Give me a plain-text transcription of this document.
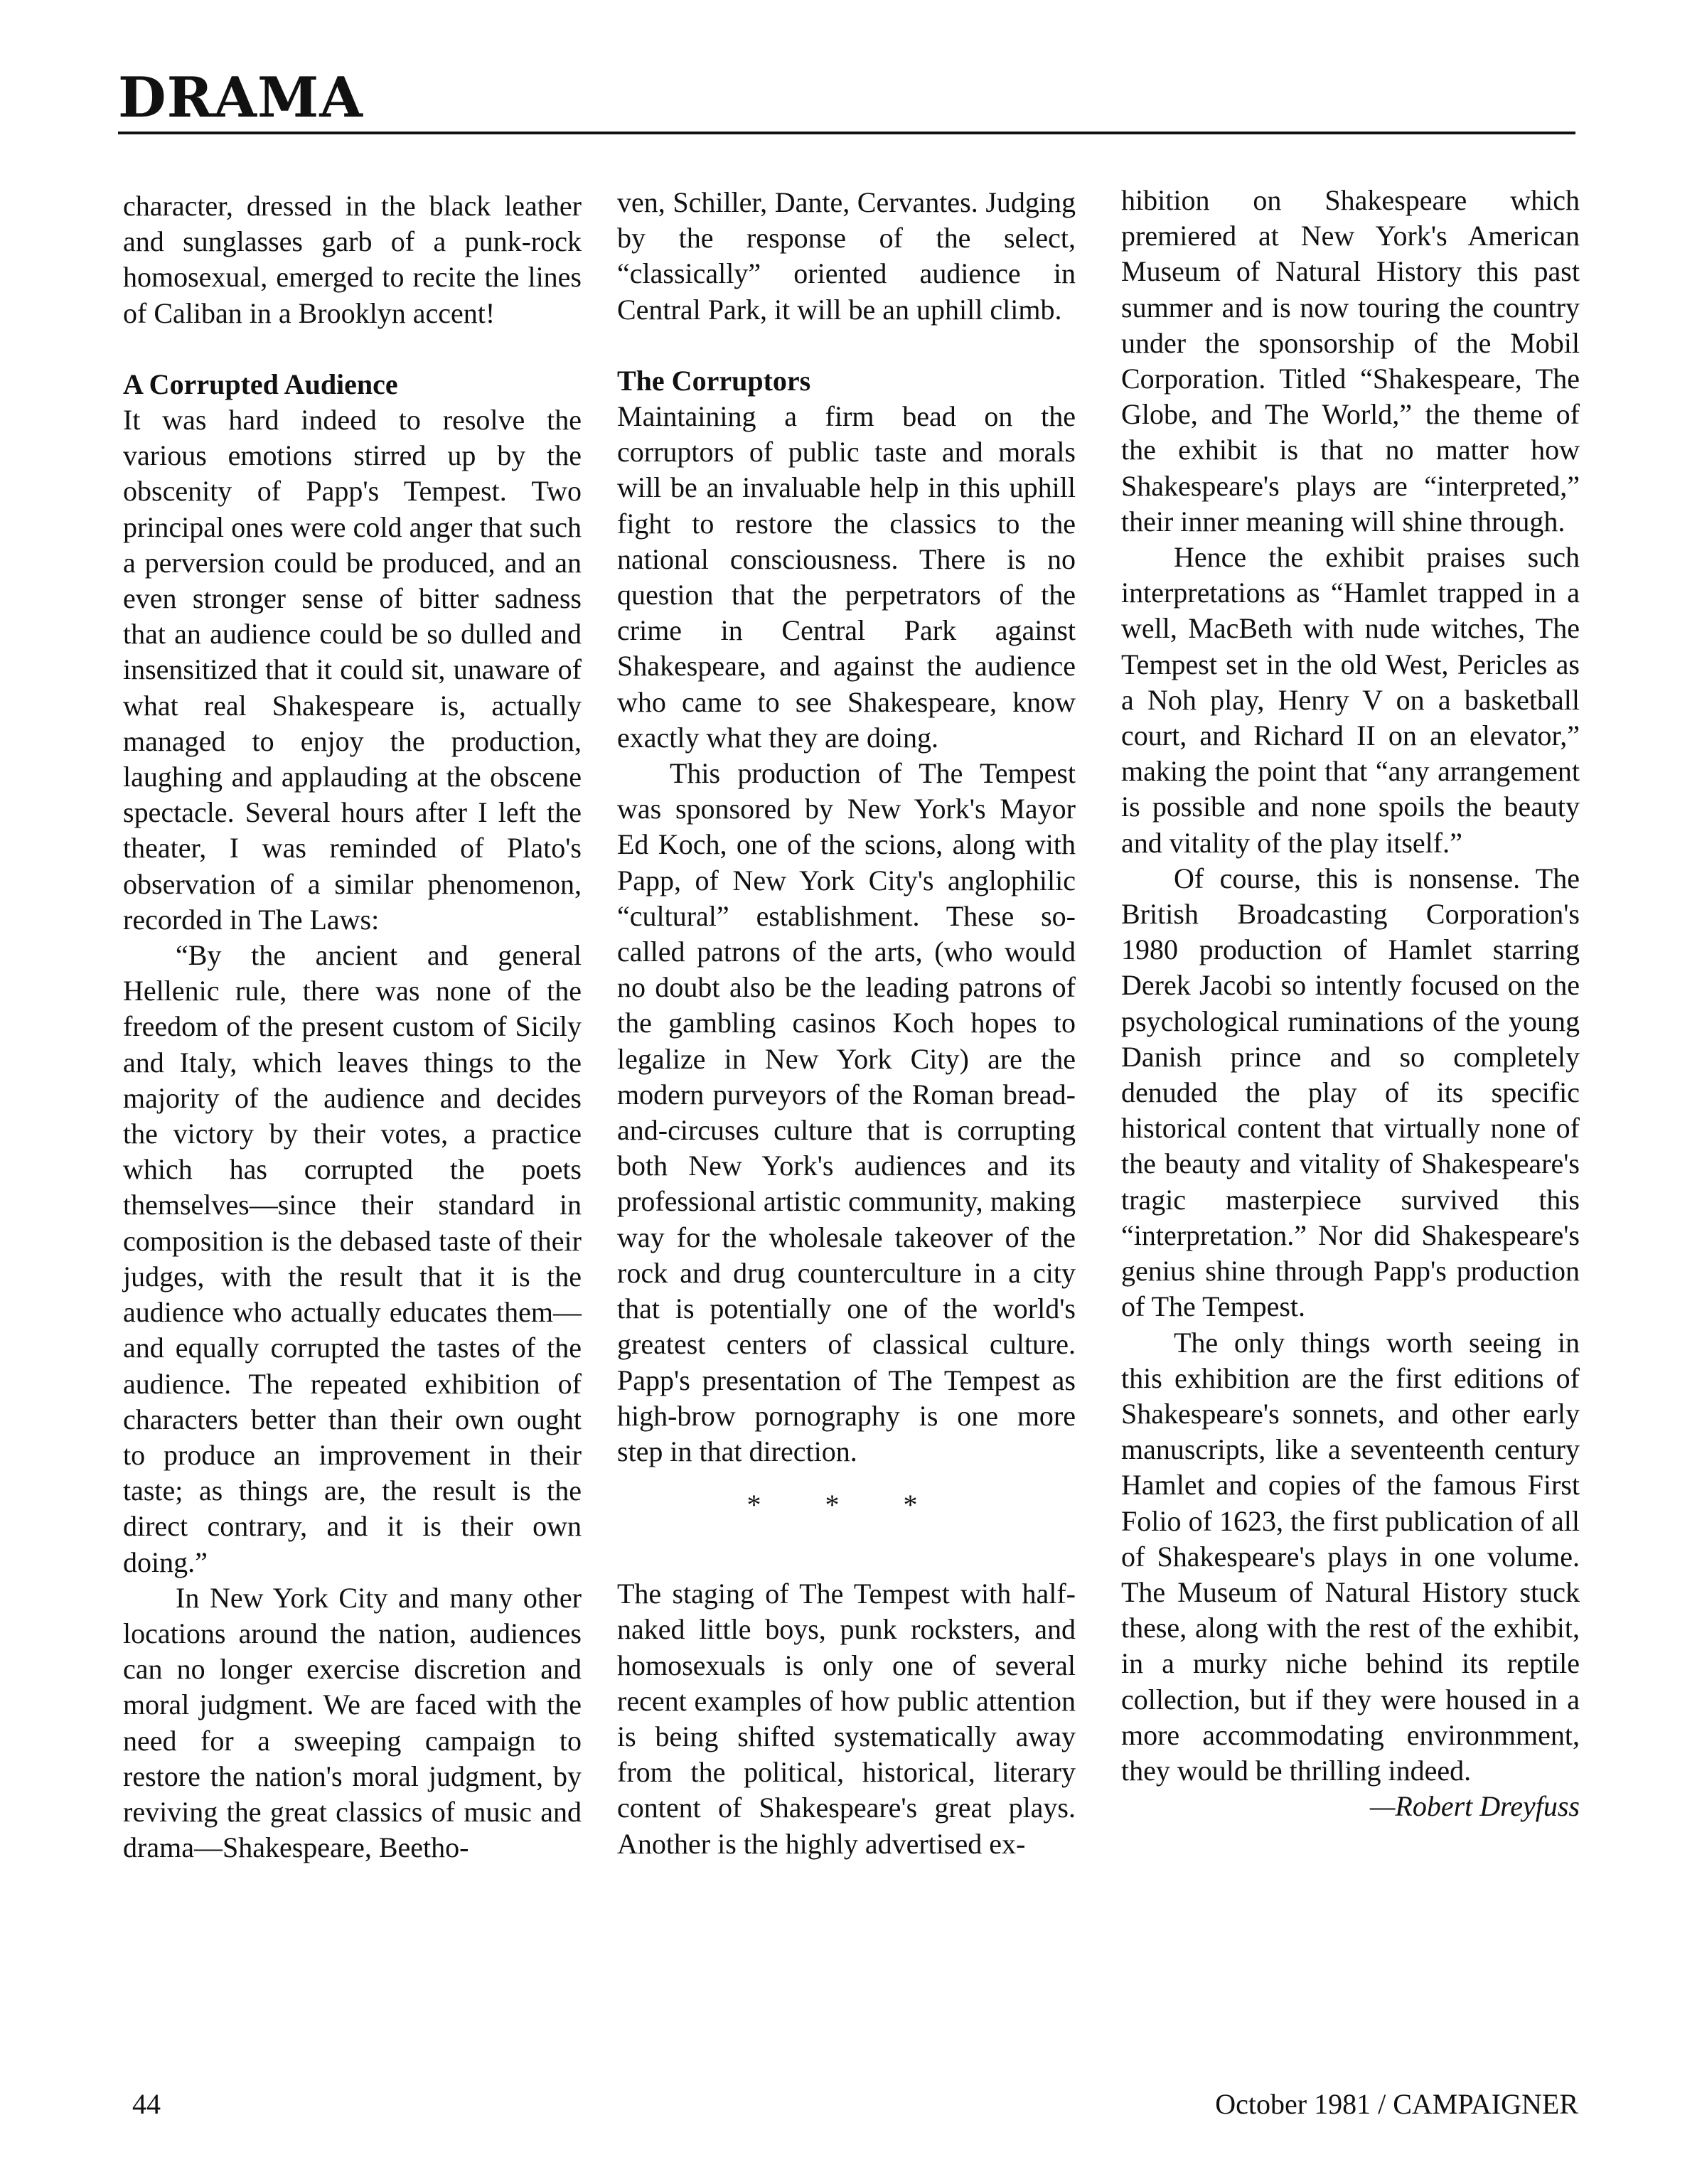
DRAMA

character, dressed in the black leather and sunglasses garb of a punk-rock homosexual, emerged to recite the lines of Caliban in a Brooklyn accent!

A Corrupted Audience

It was hard indeed to resolve the various emotions stirred up by the obscenity of Papp's Tempest. Two principal ones were cold anger that such a perversion could be produced, and an even stronger sense of bitter sadness that an audience could be so dulled and insensitized that it could sit, unaware of what real Shakespeare is, actually managed to enjoy the production, laughing and applauding at the obscene spectacle. Several hours after I left the theater, I was reminded of Plato's observation of a similar phenomenon, recorded in The Laws:

“By the ancient and general Hellenic rule, there was none of the freedom of the present custom of Sicily and Italy, which leaves things to the majority of the audience and decides the victory by their votes, a practice which has corrupted the poets themselves—since their standard in composition is the debased taste of their judges, with the result that it is the audience who actually educates them—and equally corrupted the tastes of the audience. The repeated exhibition of characters better than their own ought to produce an improvement in their taste; as things are, the result is the direct contrary, and it is their own doing.”

In New York City and many other locations around the nation, audiences can no longer exercise discretion and moral judgment. We are faced with the need for a sweeping campaign to restore the nation's moral judgment, by reviving the great classics of music and drama—Shakespeare, Beetho-

ven, Schiller, Dante, Cervantes. Judging by the response of the select, “classically” oriented audience in Central Park, it will be an uphill climb.

The Corruptors

Maintaining a firm bead on the corruptors of public taste and morals will be an invaluable help in this uphill fight to restore the classics to the national consciousness. There is no question that the perpetrators of the crime in Central Park against Shakespeare, and against the audience who came to see Shakespeare, know exactly what they are doing.

This production of The Tempest was sponsored by New York's Mayor Ed Koch, one of the scions, along with Papp, of New York City's anglophilic “cultural” establishment. These so-called patrons of the arts, (who would no doubt also be the leading patrons of the gambling casinos Koch hopes to legalize in New York City) are the modern purveyors of the Roman bread-and-circuses culture that is corrupting both New York's audiences and its professional artistic community, making way for the wholesale takeover of the rock and drug counterculture in a city that is potentially one of the world's greatest centers of classical culture. Papp's presentation of The Tempest as high-brow pornography is one more step in that direction.

* * *

The staging of The Tempest with half-naked little boys, punk rocksters, and homosexuals is only one of several recent examples of how public attention is being shifted systematically away from the political, historical, literary content of Shakespeare's great plays. Another is the highly advertised ex-

hibition on Shakespeare which premiered at New York's American Museum of Natural History this past summer and is now touring the country under the sponsorship of the Mobil Corporation. Titled “Shakespeare, The Globe, and The World,” the theme of the exhibit is that no matter how Shakespeare's plays are “interpreted,” their inner meaning will shine through.

Hence the exhibit praises such interpretations as “Hamlet trapped in a well, MacBeth with nude witches, The Tempest set in the old West, Pericles as a Noh play, Henry V on a basketball court, and Richard II on an elevator,” making the point that “any arrangement is possible and none spoils the beauty and vitality of the play itself.”

Of course, this is nonsense. The British Broadcasting Corporation's 1980 production of Hamlet starring Derek Jacobi so intently focused on the psychological ruminations of the young Danish prince and so completely denuded the play of its specific historical content that virtually none of the beauty and vitality of Shakespeare's tragic masterpiece survived this “interpretation.” Nor did Shakespeare's genius shine through Papp's production of The Tempest.

The only things worth seeing in this exhibition are the first editions of Shakespeare's sonnets, and other early manuscripts, like a seventeenth century Hamlet and copies of the famous First Folio of 1623, the first publication of all of Shakespeare's plays in one volume. The Museum of Natural History stuck these, along with the rest of the exhibit, in a murky niche behind its reptile collection, but if they were housed in a more accommodating environmment, they would be thrilling indeed.

—Robert Dreyfuss
44	October 1981 / CAMPAIGNER
